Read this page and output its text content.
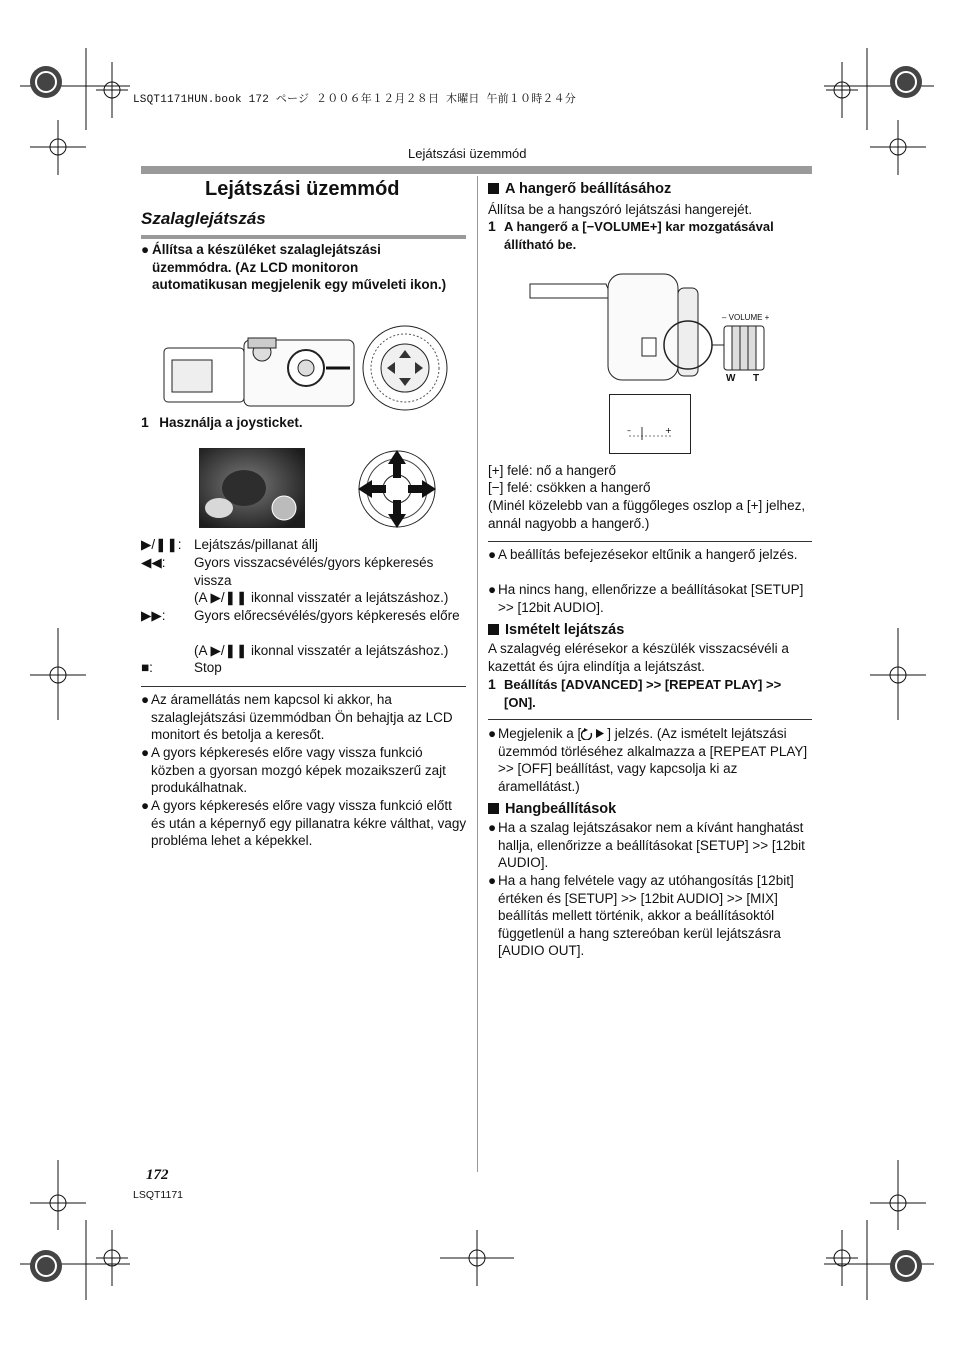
LSQT1171HUN.book 172 ページ ２００６年１２月２８日 木曜日 午前１０時２４分
Lejátszási üzemmód
Lejátszási üzemmód
Szalaglejátszás
● Állítsa a készüléket szalaglejátszási üzemmódra. (Az LCD monitoron automatikusan megjelenik egy műveleti ikon.)
1 Használja a joysticket.
▶/❚❚: Lejátszás/pillanat állj
◀◀:	Gyors visszacsévélés/gyors képkeresés vissza
(A ▶/❚❚ ikonnal visszatér a lejátszáshoz.)
▶▶:	Gyors előrecsévélés/gyors képkeresés előre
(A ▶/❚❚ ikonnal visszatér a lejátszáshoz.)
■:	Stop
● Az áramellátás nem kapcsol ki akkor, ha szalaglejátszási üzemmódban Ön behajtja az LCD monitort és betolja a keresőt.
● A gyors képkeresés előre vagy vissza funkció közben a gyorsan mozgó képek mozaikszerű zajt produkálhatnak.
● A gyors képkeresés előre vagy vissza funkció előtt és után a képernyő egy pillanatra kékre válthat, vagy probléma lehet a képekkel.
A hangerő beállításához
Állítsa be a hangszóró lejátszási hangerejét.
1 A hangerő a [−VOLUME+] kar mozgatásával állítható be.
– VOLUME +
W T
–	+
[+] felé: nő a hangerő
[−] felé: csökken a hangerő
(Minél közelebb van a függőleges oszlop a [+] jelhez, annál nagyobb a hangerő.)
● A beállítás befejezésekor eltűnik a hangerő jelzés.
● Ha nincs hang, ellenőrizze a beállításokat [SETUP] >> [12bit AUDIO].
Ismételt lejátszás
A szalagvég elérésekor a készülék visszacsévéli a kazettát és újra elindítja a lejátszást.
1 Beállítás [ADVANCED] >> [REPEAT PLAY] >> [ON].
● Megjelenik a [ ] jelzés. (Az ismételt lejátszási üzemmód törléséhez alkalmazza a [REPEAT PLAY] >> [OFF] beállítást, vagy kapcsolja ki az áramellátást.)
Hangbeállítások
● Ha a szalag lejátszásakor nem a kívánt hanghatást hallja, ellenőrizze a beállításokat [SETUP] >> [12bit AUDIO].
● Ha a hang felvétele vagy az utóhangosítás [12bit] értéken és [SETUP] >> [12bit AUDIO] >> [MIX] beállítás mellett történik, akkor a beállításoktól függetlenül a hang sztereóban kerül lejátszásra [AUDIO OUT].
172
LSQT1171
